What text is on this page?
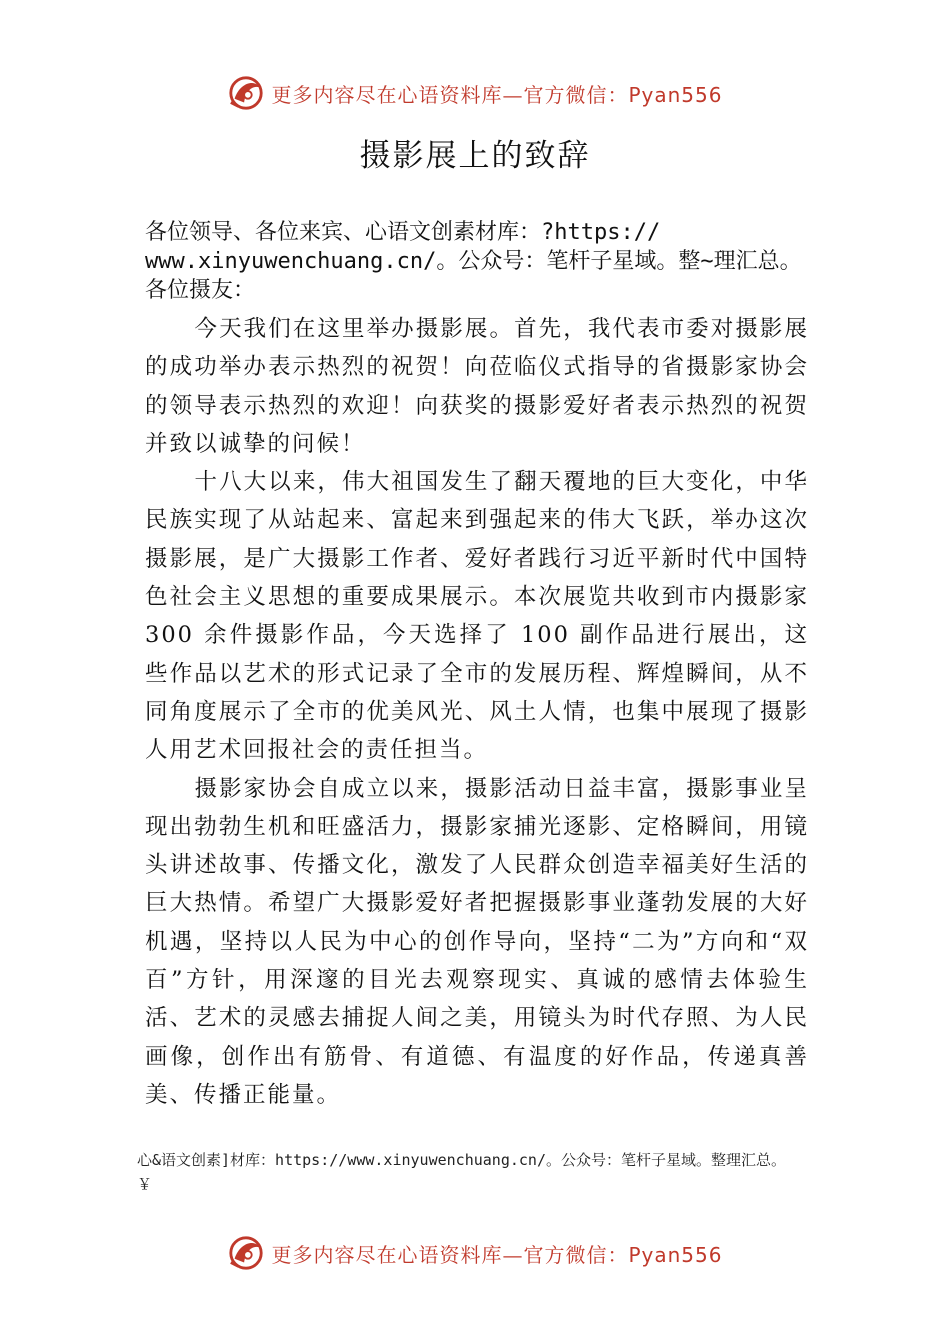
更多内容尽在心语资料库—官方微信：Pyan556
摄影展上的致辞
各位领导、各位来宾、心语文创素材库：?https://
www.xinyuwenchuang.cn/。公众号：笔杆子星域。整~理汇总。
各位摄友：

今天我们在这里举办摄影展。首先，我代表市委对摄影展的成功举办表示热烈的祝贺！向莅临仪式指导的省摄影家协会的领导表示热烈的欢迎！向获奖的摄影爱好者表示热烈的祝贺并致以诚挚的问候！

十八大以来，伟大祖国发生了翻天覆地的巨大变化，中华民族实现了从站起来、富起来到强起来的伟大飞跃，举办这次摄影展，是广大摄影工作者、爱好者践行习近平新时代中国特色社会主义思想的重要成果展示。本次展览共收到市内摄影家 300 余件摄影作品，今天选择了 100 副作品进行展出，这些作品以艺术的形式记录了全市的发展历程、辉煌瞬间，从不同角度展示了全市的优美风光、风土人情，也集中展现了摄影人用艺术回报社会的责任担当。

摄影家协会自成立以来，摄影活动日益丰富，摄影事业呈现出勃勃生机和旺盛活力，摄影家捕光逐影、定格瞬间，用镜头讲述故事、传播文化，激发了人民群众创造幸福美好生活的巨大热情。希望广大摄影爱好者把握摄影事业蓬勃发展的大好机遇，坚持以人民为中心的创作导向，坚持“二为”方向和“双百”方针，用深邃的目光去观察现实、真诚的感情去体验生活、艺术的灵感去捕捉人间之美，用镜头为时代存照、为人民画像，创作出有筋骨、有道德、有温度的好作品，传递真善美、传播正能量。

心&语文创素]材库：https://www.xinyuwenchuang.cn/。公众号：笔杆子星域。整理汇总。
￥
更多内容尽在心语资料库—官方微信：Pyan556
